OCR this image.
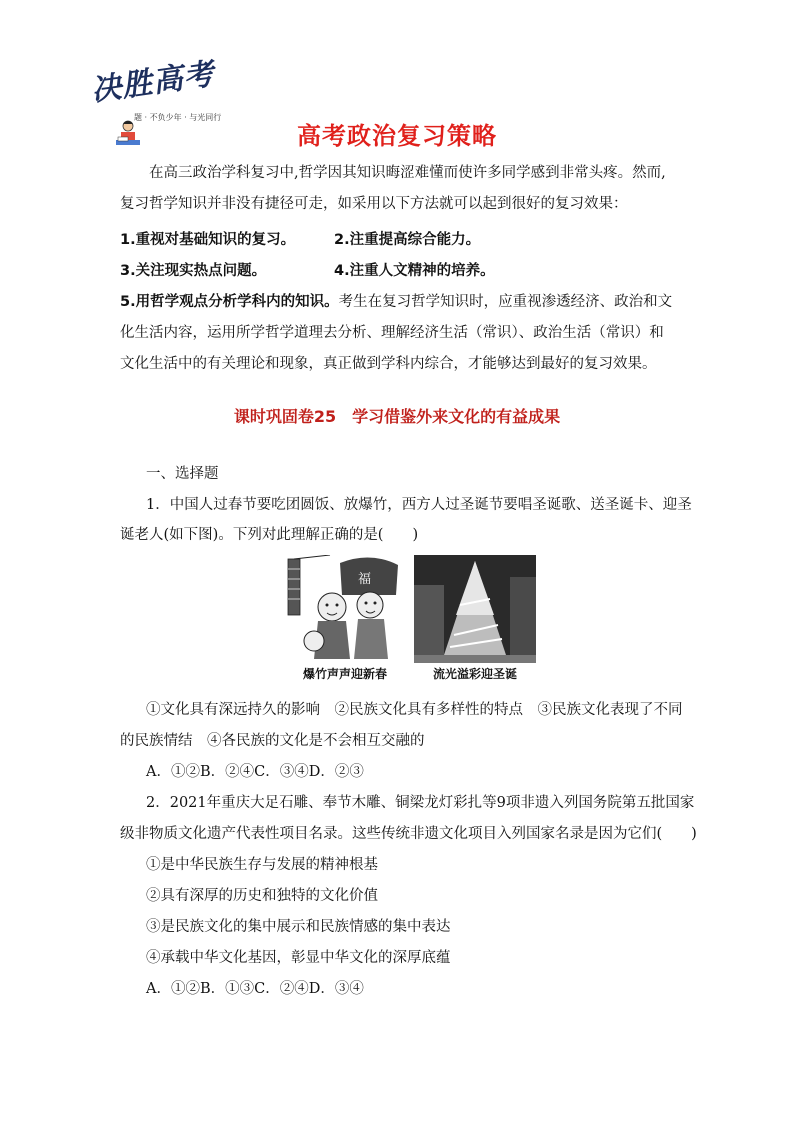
决胜高考
题 · 不负少年 · 与光同行
高考政治复习策略
在高三政治学科复习中,哲学因其知识晦涩难懂而使许多同学感到非常头疼。然而,
复习哲学知识并非没有捷径可走，如采用以下方法就可以起到很好的复习效果：
1.重视对基础知识的复习。	2.注重提高综合能力。
3.关注现实热点问题。	4.注重人文精神的培养。
5.用哲学观点分析学科内的知识。考生在复习哲学知识时，应重视渗透经济、政治和文
化生活内容，运用所学哲学道理去分析、理解经济生活（常识）、政治生活（常识）和
文化生活中的有关理论和现象，真正做到学科内综合，才能够达到最好的复习效果。
课时巩固卷25　学习借鉴外来文化的有益成果
一、选择题
1．中国人过春节要吃团圆饭、放爆竹，西方人过圣诞节要唱圣诞歌、送圣诞卡、迎圣
诞老人(如下图)。下列对此理解正确的是(　　)
福
爆竹声声迎新春	流光溢彩迎圣诞
①文化具有深远持久的影响　②民族文化具有多样性的特点　③民族文化表现了不同
的民族情结　④各民族的文化是不会相互交融的
A．①②B．②④C．③④D．②③
2．2021年重庆大足石雕、奉节木雕、铜梁龙灯彩扎等9项非遗入列国务院第五批国家
级非物质文化遗产代表性项目名录。这些传统非遗文化项目入列国家名录是因为它们(　　)
①是中华民族生存与发展的精神根基
②具有深厚的历史和独特的文化价值
③是民族文化的集中展示和民族情感的集中表达
④承载中华文化基因，彰显中华文化的深厚底蕴
A．①②B．①③C．②④D．③④
